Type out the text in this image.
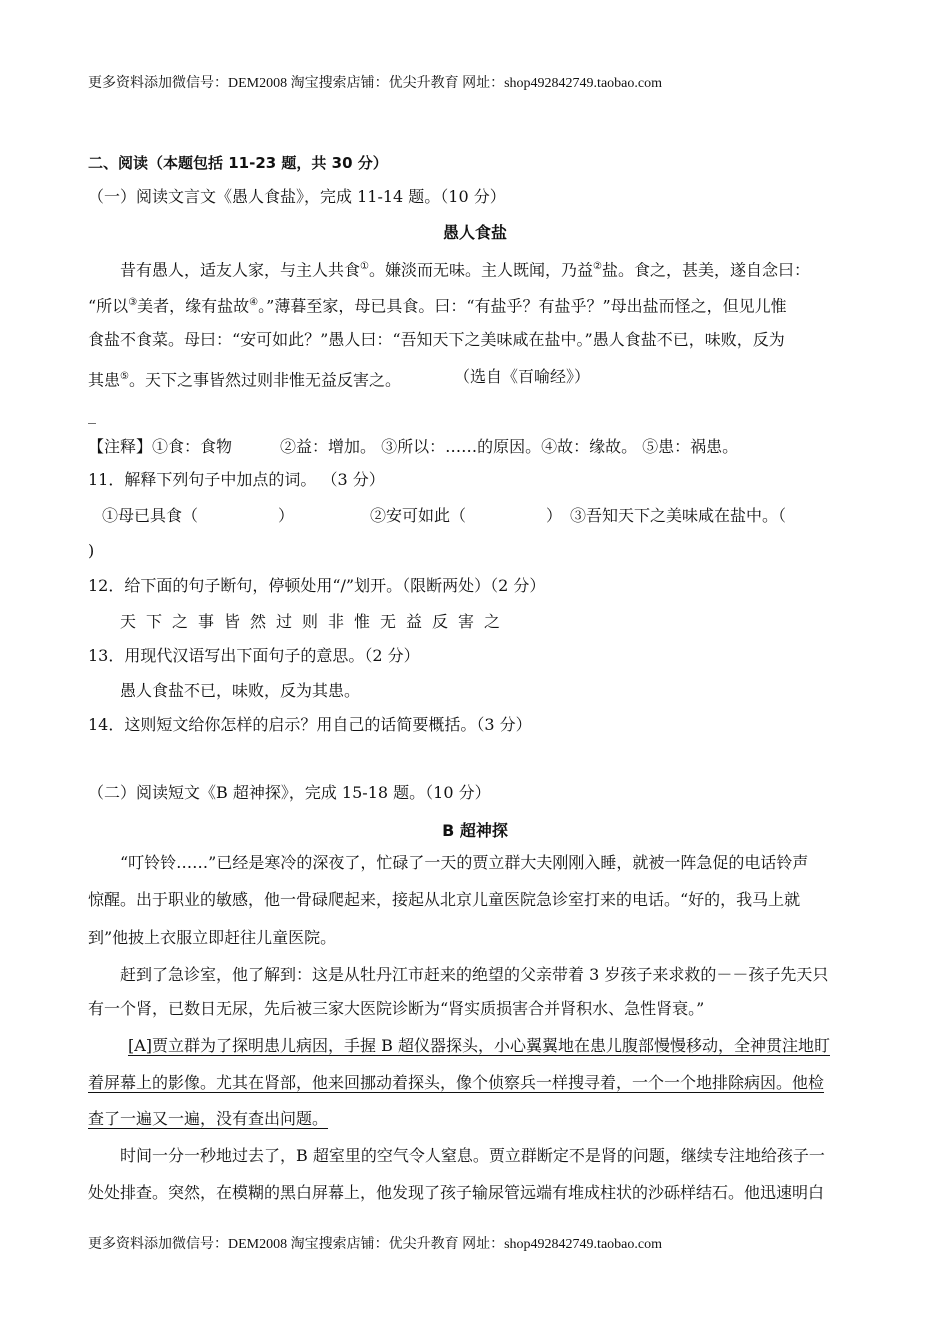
更多资料添加微信号：DEM2008 淘宝搜索店铺：优尖升教育 网址：shop492842749.taobao.com
二、阅读（本题包括 11-23 题，共 30 分）
（一）阅读文言文《愚人食盐》，完成 11-14 题。（10 分）
愚人食盐
昔有愚人，适友人家，与主人共食①。嫌淡而无味。主人既闻，乃益②盐。食之，甚美，遂自念曰：
“所以③美者，缘有盐故④。”薄暮至家，母已具食。曰：“有盐乎？有盐乎？”母出盐而怪之，但见儿惟
食盐不食菜。母曰：“安可如此？”愚人曰：“吾知天下之美味咸在盐中。”愚人食盐不已，味败，反为
其患⑤。天下之事皆然过则非惟无益反害之。	（选自《百喻经》）
_
【注释】①食：食物　　　②益：增加。 ③所以：……的原因。④故：缘故。 ⑤患：祸患。
11．解释下列句子中加点的词。 （3 分）
①母已具食（　　　　　）	②安可如此（　　　　　） ③吾知天下之美味咸在盐中。（
)
12．给下面的句子断句，停顿处用“/”划开。（限断两处）（2 分）
天下之事皆然过则非惟无益反害之
13．用现代汉语写出下面句子的意思。（2 分）
愚人食盐不已，味败，反为其患。
14．这则短文给你怎样的启示？用自己的话简要概括。（3 分）
（二）阅读短文《B 超神探》，完成 15-18 题。（10 分）
B 超神探
“叮铃铃……”已经是寒冷的深夜了，忙碌了一天的贾立群大夫刚刚入睡，就被一阵急促的电话铃声
惊醒。出于职业的敏感，他一骨碌爬起来，接起从北京儿童医院急诊室打来的电话。“好的，我马上就
到”他披上衣服立即赶往儿童医院。
赶到了急诊室，他了解到：这是从牡丹江市赶来的绝望的父亲带着 3 岁孩子来求救的－－孩子先天只
有一个肾，已数日无尿，先后被三家大医院诊断为“肾实质损害合并肾积水、急性肾衰。”
[A]贾立群为了探明患儿病因，手握 B 超仪器探头，小心翼翼地在患儿腹部慢慢移动，全神贯注地盯
着屏幕上的影像。尤其在肾部，他来回挪动着探头，像个侦察兵一样搜寻着，一个一个地排除病因。他检
查了一遍又一遍，没有查出问题。
时间一分一秒地过去了，B 超室里的空气令人窒息。贾立群断定不是肾的问题，继续专注地给孩子一
处处排查。突然，在模糊的黑白屏幕上，他发现了孩子输尿管远端有堆成柱状的沙砾样结石。他迅速明白
更多资料添加微信号：DEM2008 淘宝搜索店铺：优尖升教育 网址：shop492842749.taobao.com
